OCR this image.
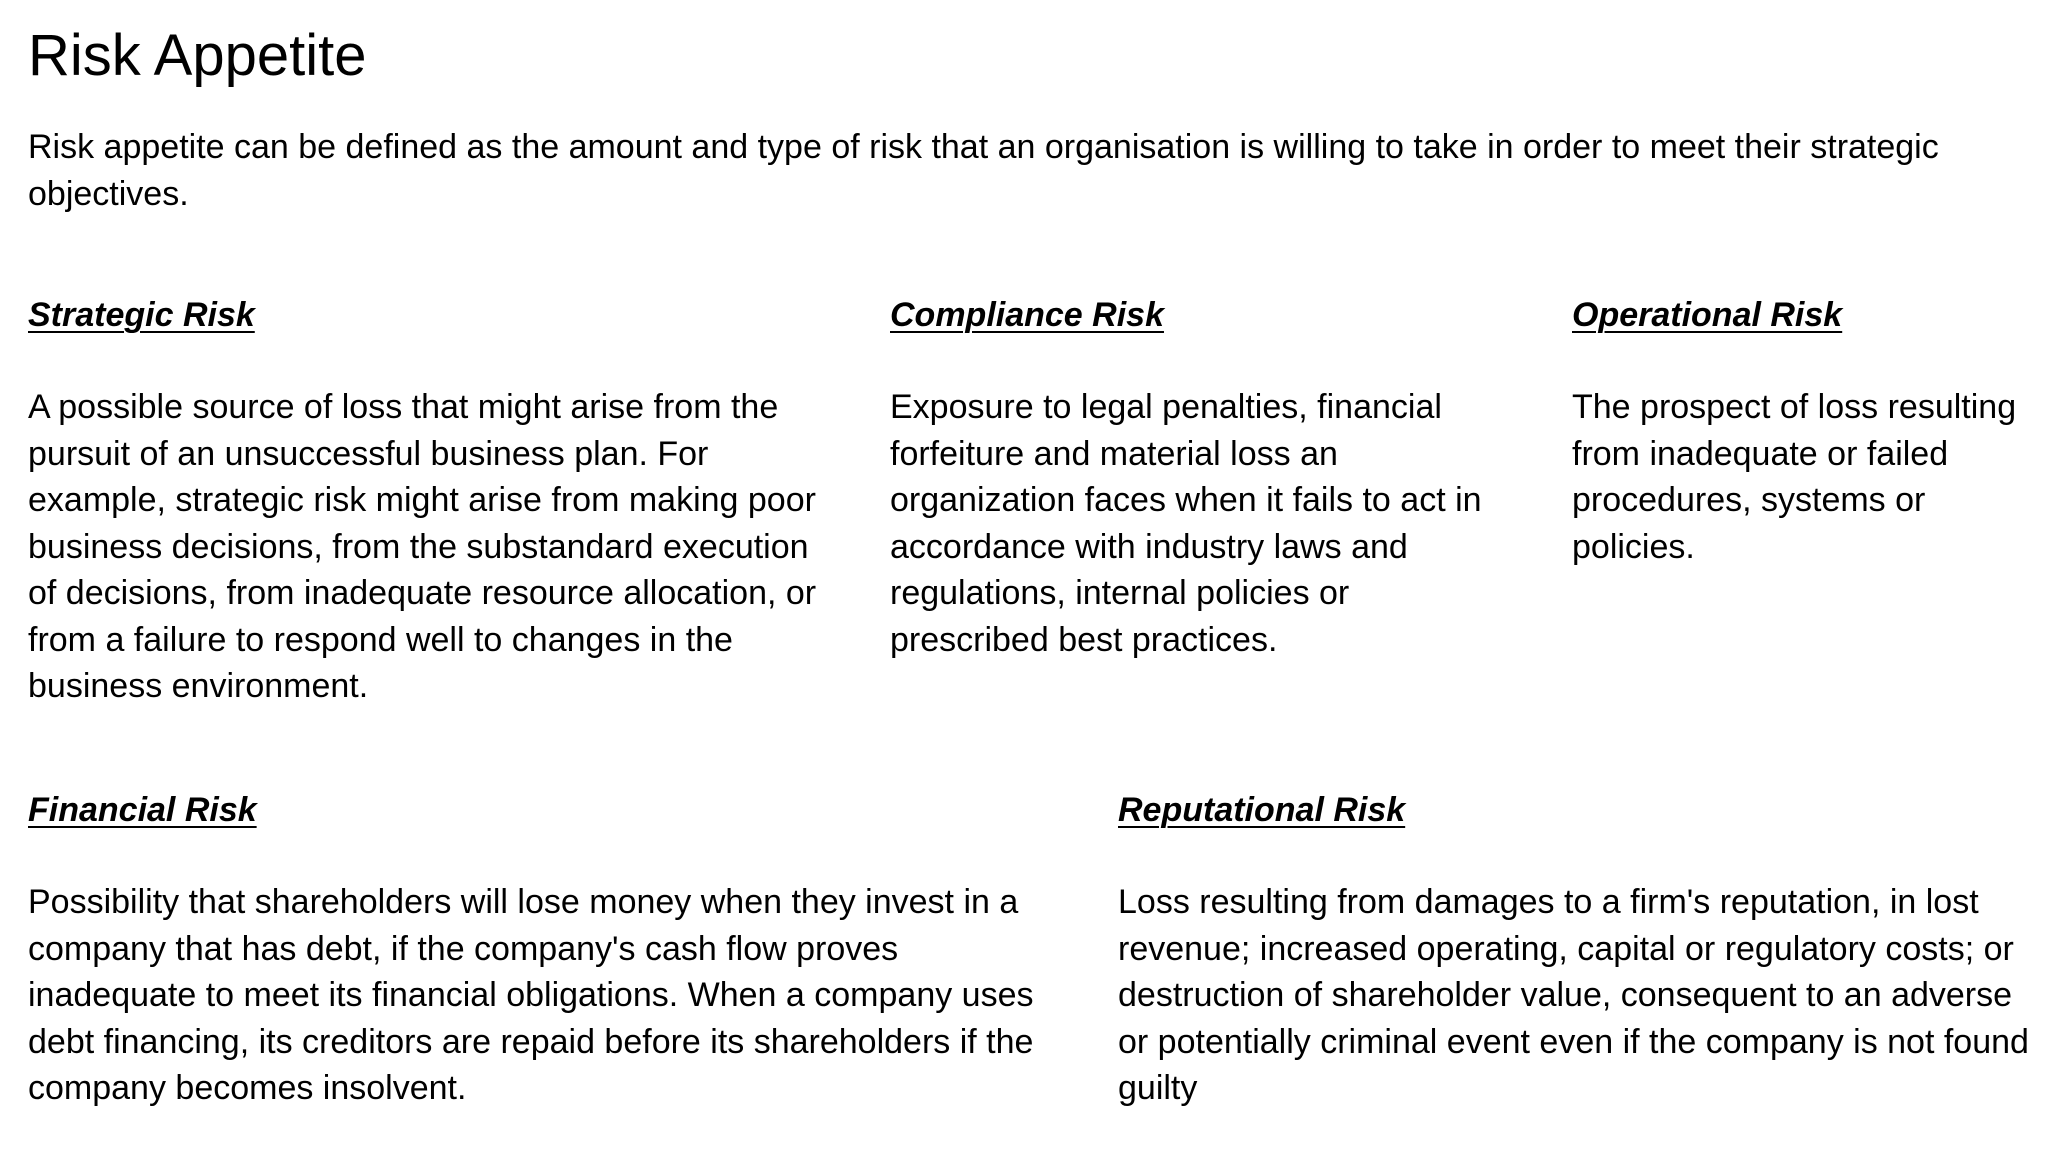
Risk Appetite

Risk appetite can be defined as the amount and type of risk that an organisation is willing to take in order to meet their strategic objectives.

Strategic Risk

A possible source of loss that might arise from the pursuit of an unsuccessful business plan. For example, strategic risk might arise from making poor business decisions, from the substandard execution of decisions, from inadequate resource allocation, or from a failure to respond well to changes in the business environment.

Compliance Risk

Exposure to legal penalties, financial forfeiture and material loss an organization faces when it fails to act in accordance with industry laws and regulations, internal policies or prescribed best practices.

Operational Risk

The prospect of loss resulting from inadequate or failed procedures, systems or policies.

Financial Risk

Possibility that shareholders will lose money when they invest in a company that has debt, if the company's cash flow proves inadequate to meet its financial obligations. When a company uses debt financing, its creditors are repaid before its shareholders if the company becomes insolvent.

Reputational Risk

Loss resulting from damages to a firm's reputation, in lost revenue; increased operating, capital or regulatory costs; or destruction of shareholder value, consequent to an adverse or potentially criminal event even if the company is not found guilty
